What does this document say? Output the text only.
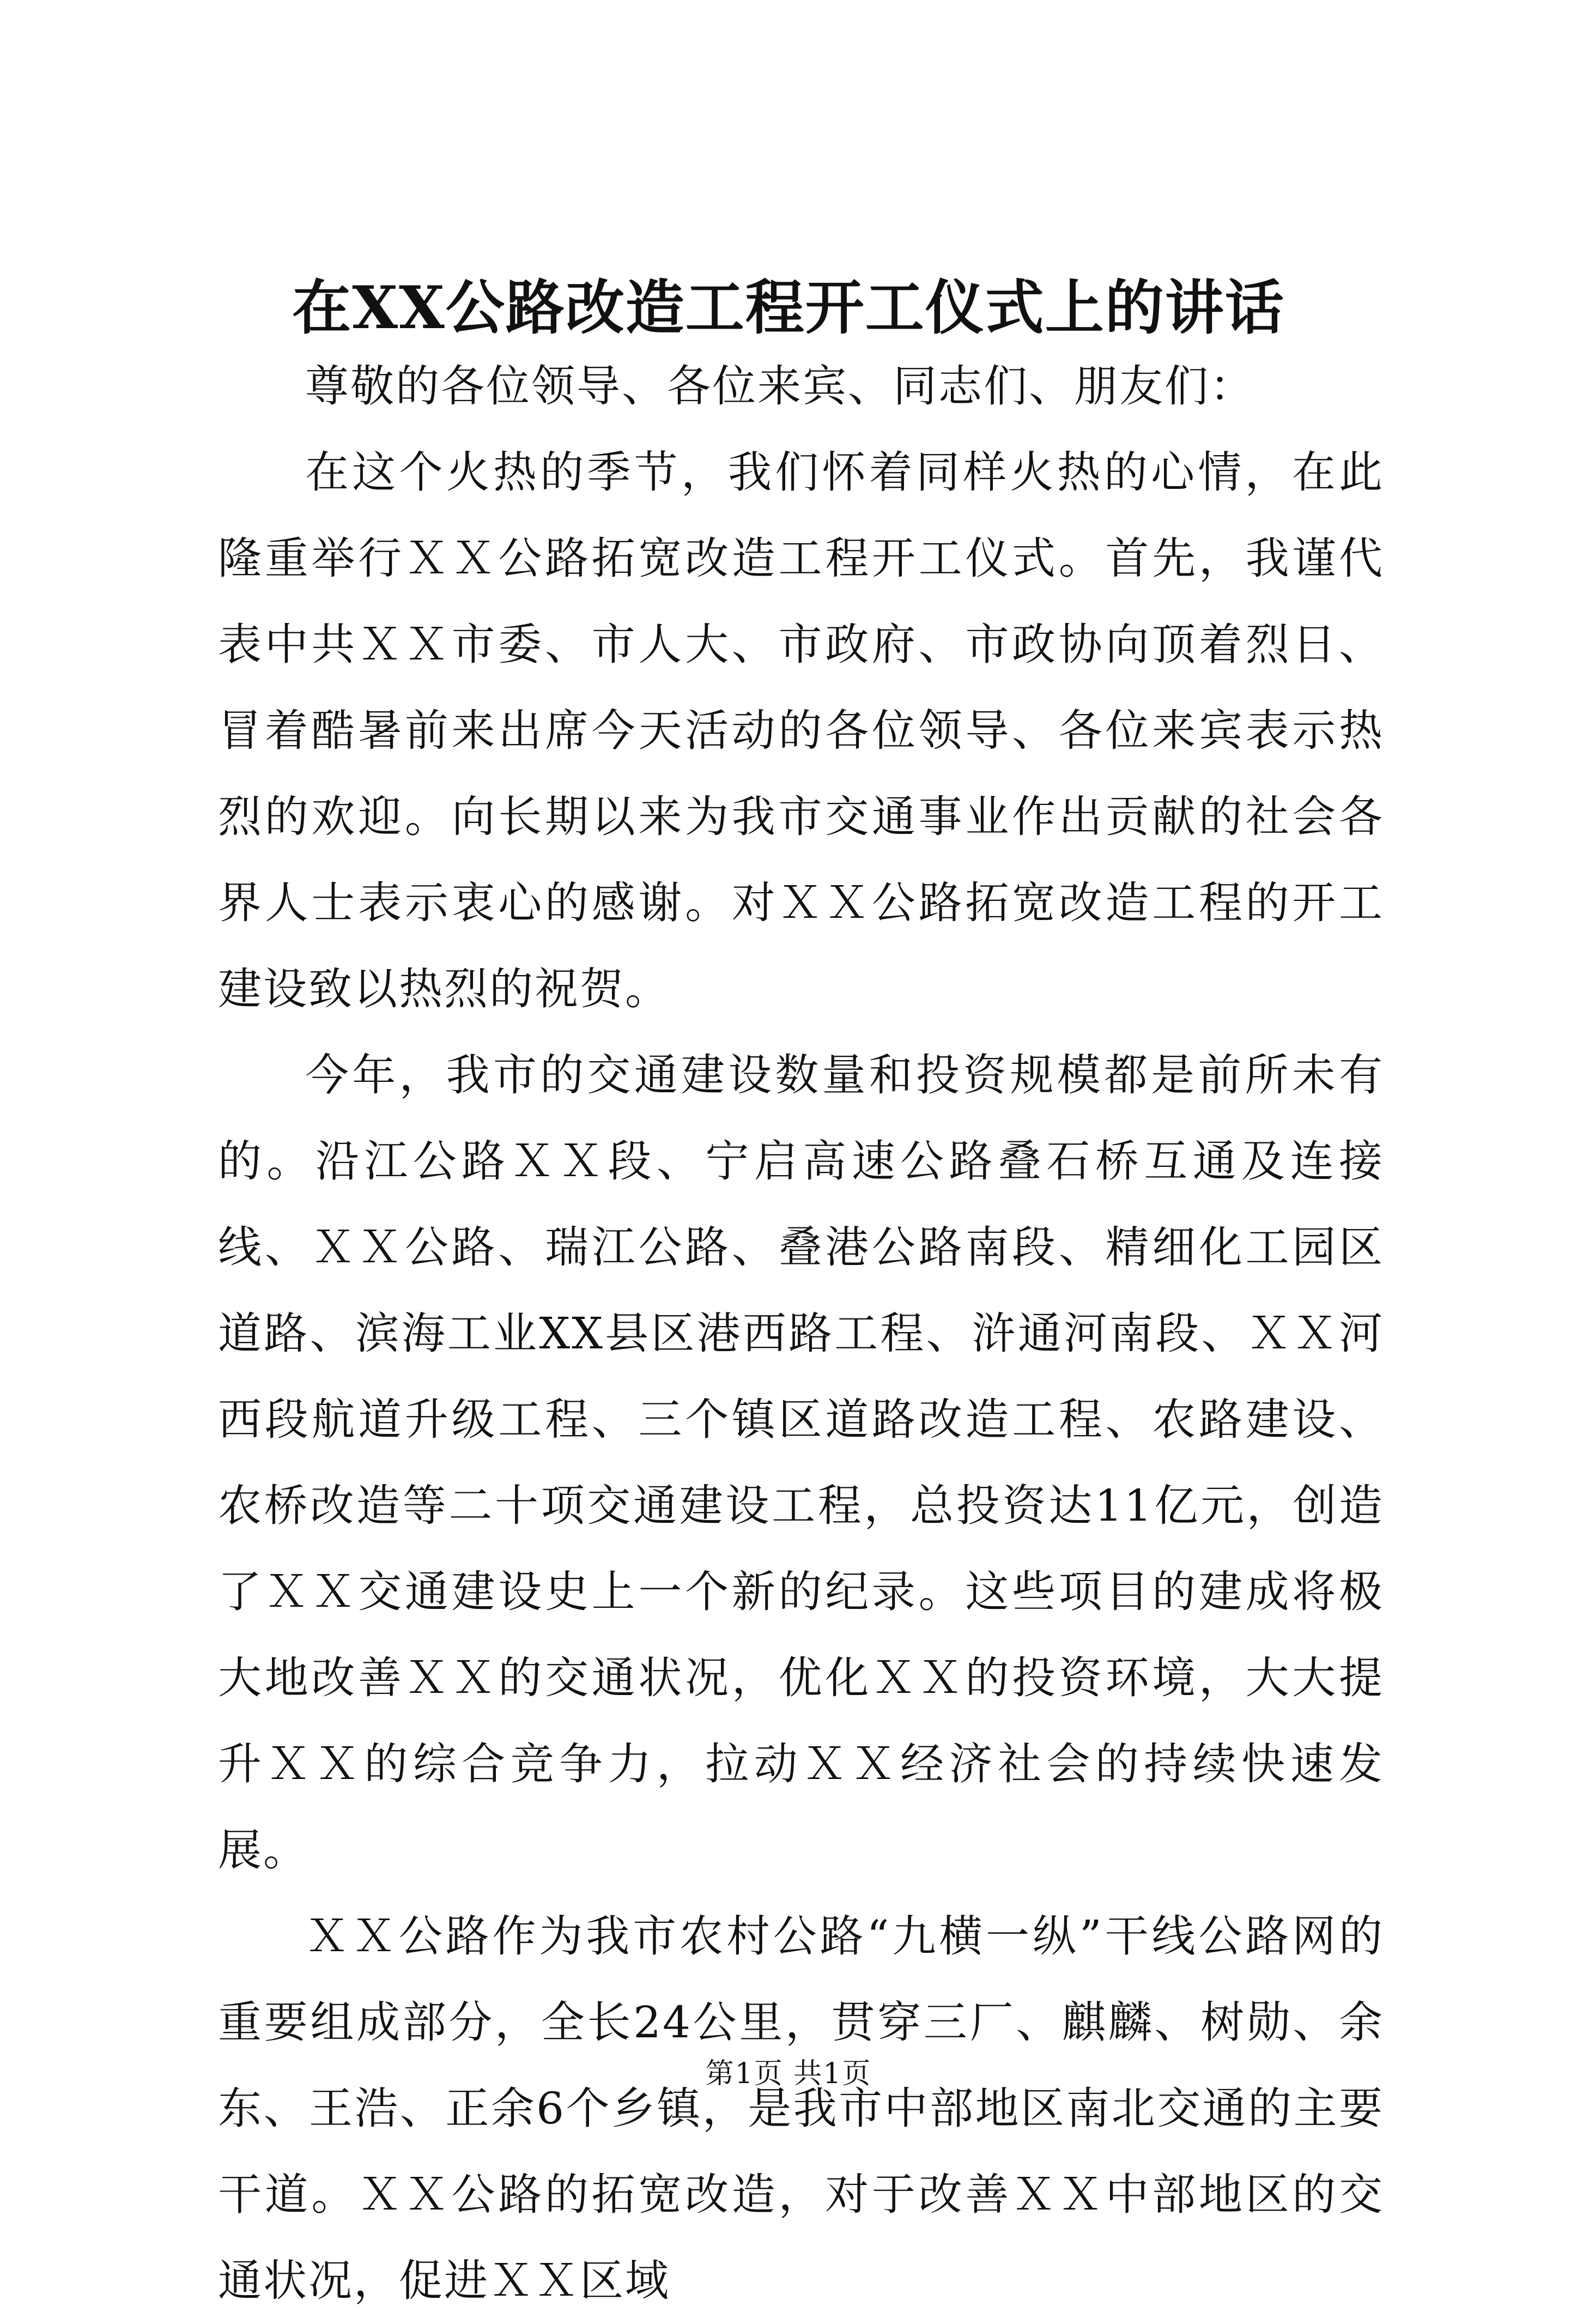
在XX公路改造工程开工仪式上的讲话

尊敬的各位领导、各位来宾、同志们、朋友们：

在这个火热的季节，我们怀着同样火热的心情，在此隆重举行ＸＸ公路拓宽改造工程开工仪式。首先，我谨代表中共ＸＸ市委、市人大、市政府、市政协向顶着烈日、冒着酷暑前来出席今天活动的各位领导、各位来宾表示热烈的欢迎。向长期以来为我市交通事业作出贡献的社会各界人士表示衷心的感谢。对ＸＸ公路拓宽改造工程的开工建设致以热烈的祝贺。

今年，我市的交通建设数量和投资规模都是前所未有的。沿江公路ＸＸ段、宁启高速公路叠石桥互通及连接线、ＸＸ公路、瑞江公路、叠港公路南段、精细化工园区道路、滨海工业XX县区港西路工程、浒通河南段、ＸＸ河西段航道升级工程、三个镇区道路改造工程、农路建设、农桥改造等二十项交通建设工程，总投资达11亿元，创造了ＸＸ交通建设史上一个新的纪录。这些项目的建成将极大地改善ＸＸ的交通状况，优化ＸＸ的投资环境，大大提升ＸＸ的综合竞争力，拉动ＸＸ经济社会的持续快速发展。

ＸＸ公路作为我市农村公路“九横一纵”干线公路网的重要组成部分，全长24公里，贯穿三厂、麒麟、树勋、余东、王浩、正余6个乡镇，是我市中部地区南北交通的主要干道。ＸＸ公路的拓宽改造，对于改善ＸＸ中部地区的交通状况，促进ＸＸ区域

第1页 共1页
